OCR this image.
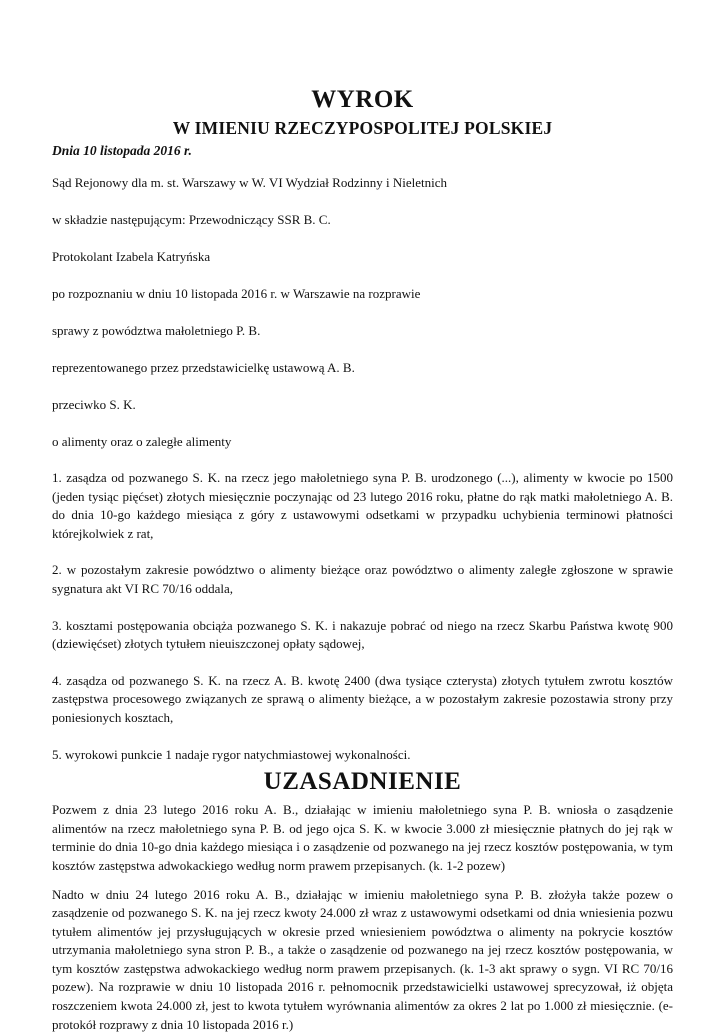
WYROK
W IMIENIU RZECZYPOSPOLITEJ POLSKIEJ

Dnia 10 listopada 2016 r.

Sąd Rejonowy dla m. st. Warszawy w W. VI Wydział Rodzinny i Nieletnich

w składzie następującym: Przewodniczący SSR B. C.

Protokolant Izabela Katryńska

po rozpoznaniu w dniu 10 listopada 2016 r. w Warszawie na rozprawie

sprawy z powództwa małoletniego P. B.

reprezentowanego przez przedstawicielkę ustawową A. B.

przeciwko S. K.

o alimenty oraz o zaległe alimenty

1. zasądza od pozwanego S. K. na rzecz jego małoletniego syna P. B. urodzonego (...), alimenty w kwocie po 1500 (jeden tysiąc pięćset) złotych miesięcznie poczynając od 23 lutego 2016 roku, płatne do rąk matki małoletniego A. B. do dnia 10-go każdego miesiąca z góry z ustawowymi odsetkami w przypadku uchybienia terminowi płatności którejkolwiek z rat,

2. w pozostałym zakresie powództwo o alimenty bieżące oraz powództwo o alimenty zaległe zgłoszone w sprawie sygnatura akt VI RC 70/16 oddala,

3. kosztami postępowania obciąża pozwanego S. K. i nakazuje pobrać od niego na rzecz Skarbu Państwa kwotę 900 (dziewięćset) złotych tytułem nieuiszczonej opłaty sądowej,

4. zasądza od pozwanego S. K. na rzecz A. B. kwotę 2400 (dwa tysiące czterysta) złotych tytułem zwrotu kosztów zastępstwa procesowego związanych ze sprawą o alimenty bieżące, a w pozostałym zakresie pozostawia strony przy poniesionych kosztach,

5. wyrokowi punkcie 1 nadaje rygor natychmiastowej wykonalności.

UZASADNIENIE

Pozwem z dnia 23 lutego 2016 roku A. B., działając w imieniu małoletniego syna P. B. wniosła o zasądzenie alimentów na rzecz małoletniego syna P. B. od jego ojca S. K. w kwocie 3.000 zł miesięcznie płatnych do jej rąk w terminie do dnia 10-go dnia każdego miesiąca i o zasądzenie od pozwanego na jej rzecz kosztów postępowania, w tym kosztów zastępstwa adwokackiego według norm prawem przepisanych. (k. 1-2 pozew)

Nadto w dniu 24 lutego 2016 roku A. B., działając w imieniu małoletniego syna P. B. złożyła także pozew o zasądzenie od pozwanego S. K. na jej rzecz kwoty 24.000 zł wraz z ustawowymi odsetkami od dnia wniesienia pozwu tytułem alimentów jej przysługujących w okresie przed wniesieniem powództwa o alimenty na pokrycie kosztów utrzymania małoletniego syna stron P. B., a także o zasądzenie od pozwanego na jej rzecz kosztów postępowania, w tym kosztów zastępstwa adwokackiego według norm prawem przepisanych. (k. 1-3 akt sprawy o sygn. VI RC 70/16 pozew). Na rozprawie w dniu 10 listopada 2016 r. pełnomocnik przedstawicielki ustawowej sprecyzował, iż objęta roszczeniem kwota 24.000 zł, jest to kwota tytułem wyrównania alimentów za okres 2 lat po 1.000 zł miesięcznie. (e-protokół rozprawy z dnia 10 listopada 2016 r.)
